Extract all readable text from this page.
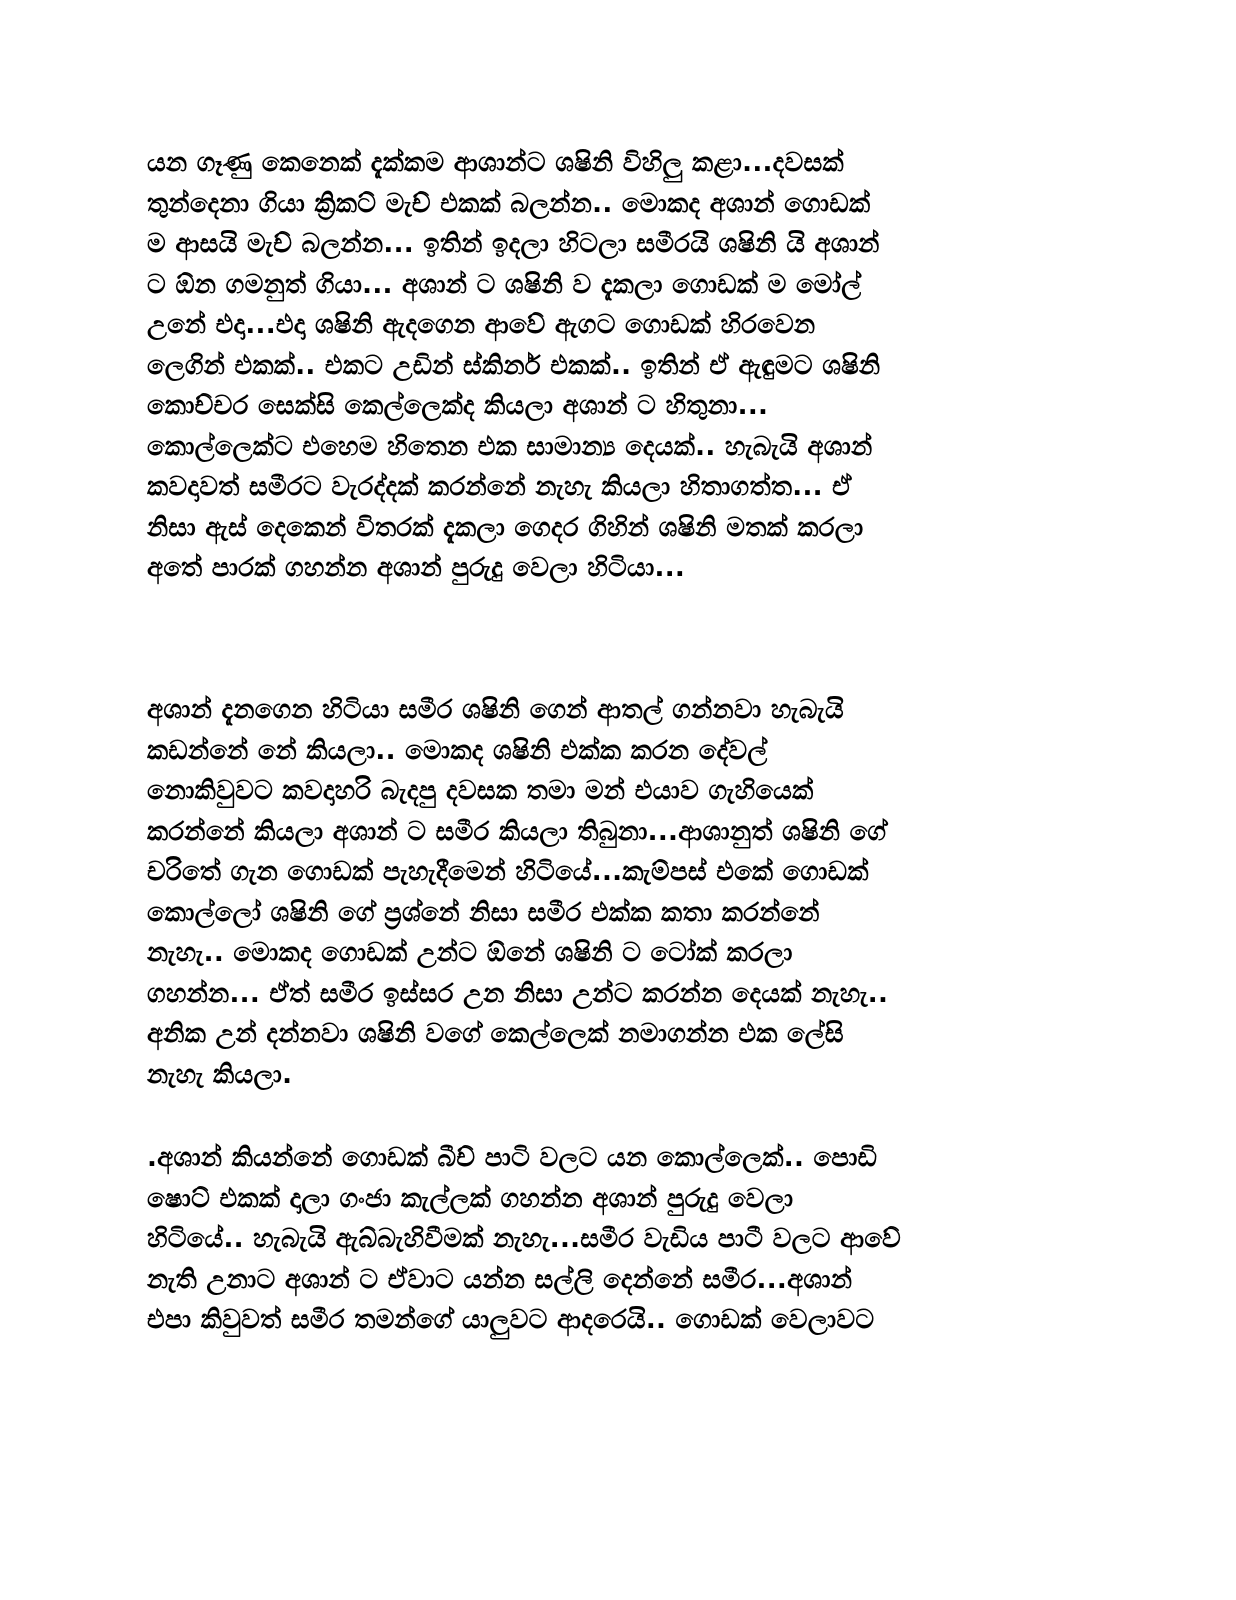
යන ගෑණු කෙනෙක් දැක්කම ආශාන්ට ශෂිනි විහිලු කළා...දවසක්
තුන්දෙනා ගියා ක්‍රිකට් මැච් එකක් බලන්න.. මොකද අශාන් ගොඩක්
ම ආසයි මැච් බලන්න... ඉතින් ඉදලා හිටලා සමීරයි ශෂිනි යි අශාන්
ට ඕන ගමනුත් ගියා... අශාන් ට ශෂිනි ව දැකලා ගොඩක් ම මෝල්
උනේ එදා...එදා ශෂිනි ඇදගෙන ආවේ ඇගට ගොඩක් හිරවෙන
ලෙගින් එකක්.. එකට උඩින් ස්කිනර් එකක්.. ඉතින් ඒ ඇඳුමට ශෂිනි
කොච්චර සෙක්සි කෙල්ලෙක්ද කියලා අශාන් ට හිතුනා...
කොල්ලෙක්ට එහෙම හිතෙන එක සාමාන්‍ය දෙයක්.. හැබැයි අශාන්
කවදාවත් සමීරට වැරද්දක් කරන්නේ නැහැ කියලා හිතාගත්ත... ඒ
නිසා ඇස් දෙකෙන් විතරක් දැකලා ගෙදර ගිහින් ශෂිනි මතක් කරලා
අතේ පාරක් ගහන්න අශාන් පුරුදු වෙලා හිටියා...
අශාන් දැනගෙන හිටියා සමීර ශෂිනි ගෙන් ආතල් ගන්නවා හැබැයි
කඩන්නේ නේ කියලා.. මොකද ශෂිනි එක්ක කරන දේවල්
නොකිවුවට කවදාහරි බැදපු දවසක තමා මන් එයාව ගැහියෙක්
කරන්නේ කියලා අශාන් ට සමීර කියලා තිබුනා...ආශානුත් ශෂිනි ගේ
චරිතේ ගැන ගොඩක් පැහැදීමෙන් හිටියේ...කැම්පස් එකේ ගොඩක්
කොල්ලෝ ශෂිනි ගේ ප්‍රශ්නේ නිසා සමීර එක්ක කතා කරන්නේ
නැහැ.. මොකද ගොඩක් උන්ට ඕනේ ශෂිනි ට ටෝක් කරලා
ගහන්න... ඒත් සමීර ඉස්සර උන නිසා උන්ට කරන්න දෙයක් නැහැ..
අනික උන් දන්නවා ශෂිනි වගේ කෙල්ලෙක් නමාගන්න එක ලේසි
නැහැ කියලා.
.අශාන් කියන්නේ ගොඩක් බීච් පාටි වලට යන කොල්ලෙක්.. පොඩි
ෂොට් එකක් දාලා ගංජා කැල්ලක් ගහන්න අශාන් පුරුදු වෙලා
හිටියේ.. හැබැයි ඇබ්බැහිවීමක් නැහැ...සමීර වැඩිය පාටී වලට ආවේ
නැති උනාට අශාන් ට ඒවාට යන්න සල්ලි දෙන්නේ සමීර...අශාන්
එපා කිවුවත් සමීර තමන්ගේ යාලුවට ආදරෙයි.. ගොඩක් වෙලාවට
